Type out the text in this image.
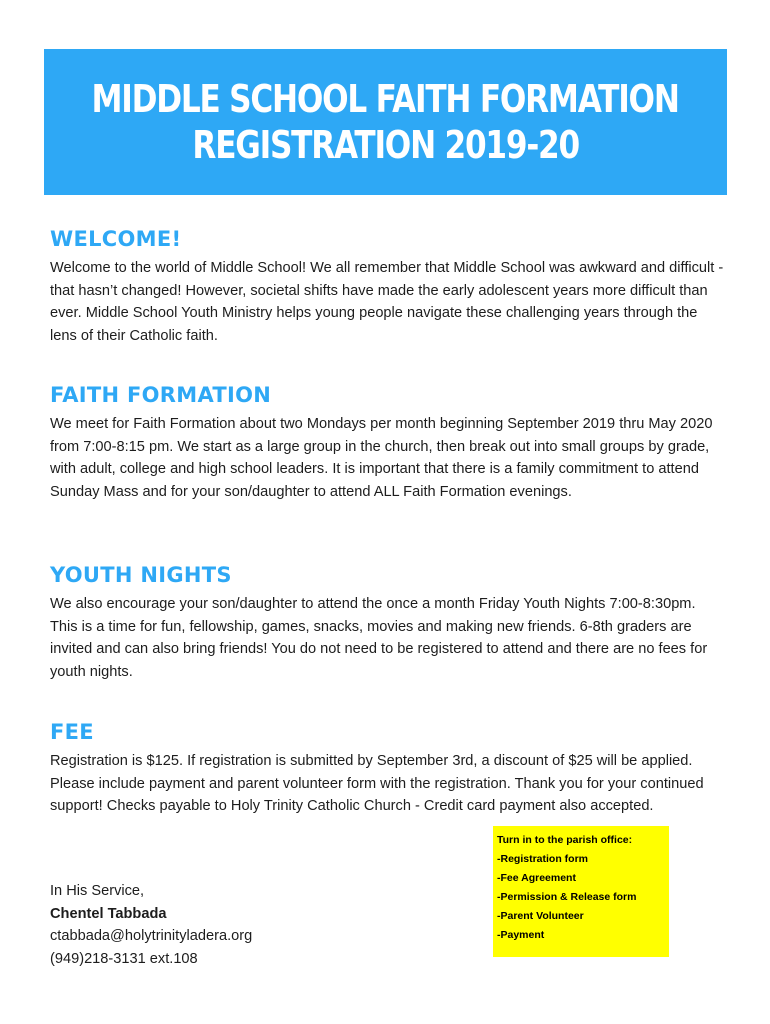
MIDDLE SCHOOL FAITH FORMATION
REGISTRATION 2019-20
WELCOME!

Welcome to the world of Middle School! We all remember that Middle School was awkward and difficult - that hasn’t changed! However, societal shifts have made the early adolescent years more difficult than ever. Middle School Youth Ministry helps young people navigate these challenging years through the lens of their Catholic faith.

FAITH FORMATION

We meet for Faith Formation about two Mondays per month beginning September 2019 thru May 2020 from 7:00-8:15 pm. We start as a large group in the church, then break out into small groups by grade, with adult, college and high school leaders. It is important that there is a family commitment to attend Sunday Mass and for your son/daughter to attend ALL Faith Formation evenings.

YOUTH NIGHTS

We also encourage your son/daughter to attend the once a month Friday Youth Nights 7:00-8:30pm. This is a time for fun, fellowship, games, snacks, movies and making new friends. 6-8th graders are invited and can also bring friends! You do not need to be registered to attend and there are no fees for youth nights.

FEE

Registration is $125. If registration is submitted by September 3rd, a discount of $25 will be applied. Please include payment and parent volunteer form with the registration. Thank you for your continued support! Checks payable to Holy Trinity Catholic Church - Credit card payment also accepted.

In His Service,
Chentel Tabbada
ctabbada@holytrinityladera.org
(949)218-3131 ext.108
Turn in to the parish office:
-Registration form
-Fee Agreement
-Permission & Release form
-Parent Volunteer
-Payment
